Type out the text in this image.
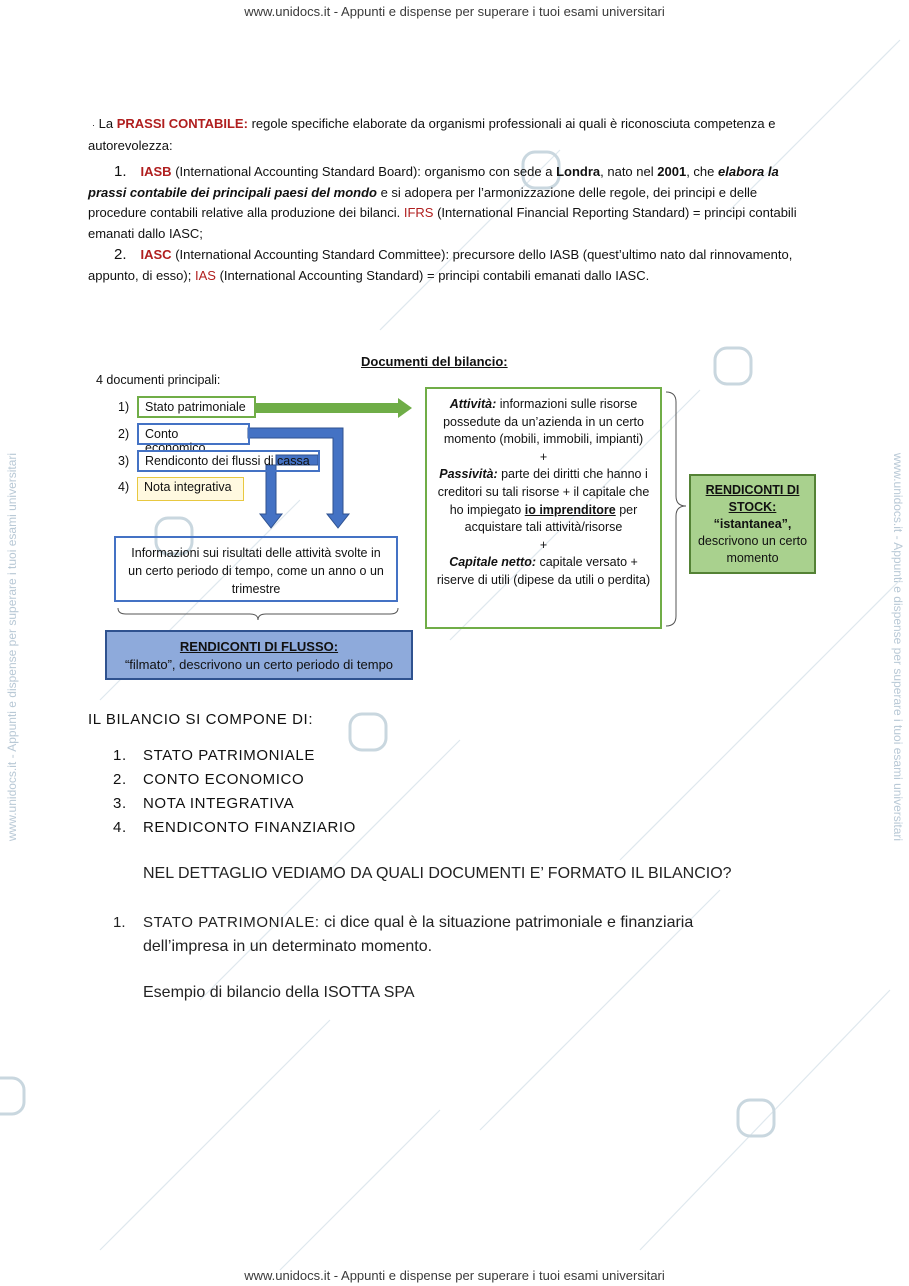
www.unidocs.it - Appunti e dispense per superare i tuoi esami universitari
www.unidocs.it - Appunti e dispense per superare i tuoi esami universitari
www.unidocs.it - Appunti e dispense per superare i tuoi esami universitari	www.unidocs.it - Appunti e dispense per superare i tuoi esami universitari
· La PRASSI CONTABILE: regole specifiche elaborate da organismi professionali ai quali è riconosciuta competenza e autorevolezza:
1. IASB (International Accounting Standard Board): organismo con sede a Londra, nato nel 2001, che elabora la prassi contabile dei principali paesi del mondo e si adopera per l’armonizzazione delle regole, dei principi e delle procedure contabili relative alla produzione dei bilanci. IFRS (International Financial Reporting Standard) = principi contabili emanati dallo IASC;
2. IASC (International Accounting Standard Committee): precursore dello IASB (quest’ultimo nato dal rinnovamento, appunto, di esso); IAS (International Accounting Standard) = principi contabili emanati dallo IASC.
Documenti del bilancio:
4 documenti principali:
1)
2)
3)
4)
Stato patrimoniale
Conto economico
Rendiconto dei flussi di cassa
Nota integrativa
Informazioni sui risultati delle attività svolte in un certo periodo di tempo, come un anno o un trimestre
RENDICONTI DI FLUSSO:
“filmato”, descrivono un certo periodo di tempo
Attività: informazioni sulle risorse possedute da un’azienda in un certo momento (mobili, immobili, impianti)
+
Passività: parte dei diritti che hanno i creditori su tali risorse + il capitale che ho impiegato io imprenditore per acquistare tali attività/risorse
+
Capitale netto: capitale versato + riserve di utili (dipese da utili o perdita)
RENDICONTI DI STOCK:
“istantanea”,
descrivono un certo momento
IL BILANCIO SI COMPONE DI:
1. STATO PATRIMONIALE
2. CONTO ECONOMICO
3. NOTA INTEGRATIVA
4. RENDICONTO FINANZIARIO
NEL DETTAGLIO VEDIAMO DA QUALI DOCUMENTI E’ FORMATO IL BILANCIO?
1. STATO PATRIMONIALE: ci dice qual è la situazione patrimoniale e finanziaria
dell’impresa in un determinato momento.
Esempio di bilancio della ISOTTA SPA
